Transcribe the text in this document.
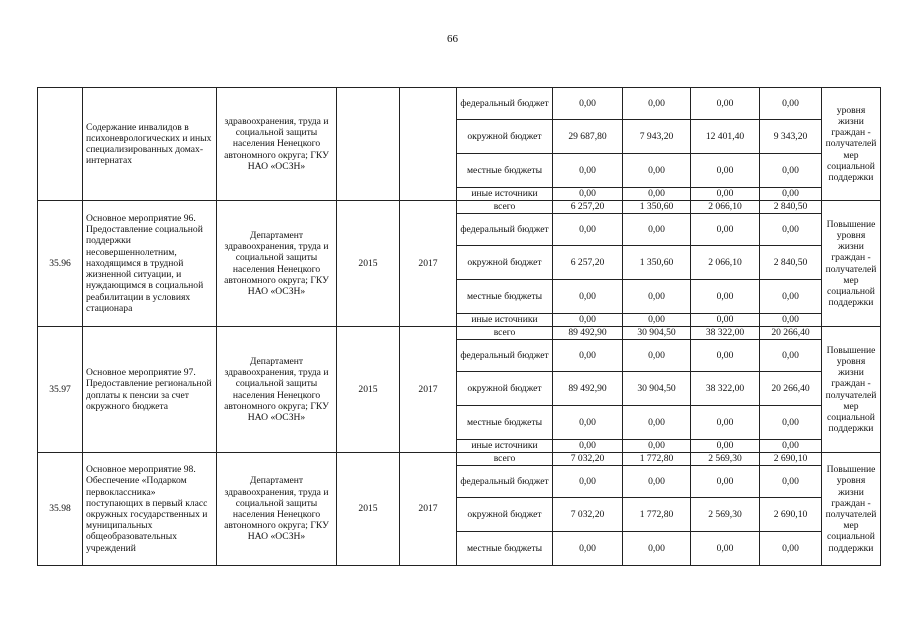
66
	Содержание инвалидов в психоневрологических и иных специализированных домах-интернатах	здравоохранения, труда и социальной защиты населения Ненецкого автономного округа; ГКУ НАО «ОСЗН»			федеральный бюджет	0,00	0,00	0,00	0,00	уровня жизни граждан - получателей мер социальной поддержки
					окружной бюджет	29 687,80	7 943,20	12 401,40	9 343,20	
					местные бюджеты	0,00	0,00	0,00	0,00	
					иные источники	0,00	0,00	0,00	0,00	
35.96	Основное мероприятие 96. Предоставление социальной поддержки несовершеннолетним, находящимся в трудной жизненной ситуации, и нуждающимся в социальной реабилитации в условиях стационара	Департамент здравоохранения, труда и социальной защиты населения Ненецкого автономного округа; ГКУ НАО «ОСЗН»	2015	2017	всего	6 257,20	1 350,60	2 066,10	2 840,50	Повышение уровня жизни граждан - получателей мер социальной поддержки
					федеральный бюджет	0,00	0,00	0,00	0,00	
					окружной бюджет	6 257,20	1 350,60	2 066,10	2 840,50	
					местные бюджеты	0,00	0,00	0,00	0,00	
					иные источники	0,00	0,00	0,00	0,00	
35.97	Основное мероприятие 97. Предоставление региональной доплаты к пенсии за счет окружного бюджета	Департамент здравоохранения, труда и социальной защиты населения Ненецкого автономного округа; ГКУ НАО «ОСЗН»	2015	2017	всего	89 492,90	30 904,50	38 322,00	20 266,40	Повышение уровня жизни граждан - получателей мер социальной поддержки
					федеральный бюджет	0,00	0,00	0,00	0,00	
					окружной бюджет	89 492,90	30 904,50	38 322,00	20 266,40	
					местные бюджеты	0,00	0,00	0,00	0,00	
					иные источники	0,00	0,00	0,00	0,00	
35.98	Основное мероприятие 98. Обеспечение «Подарком первоклассника» поступающих в первый класс окружных государственных и муниципальных общеобразовательных учреждений	Департамент здравоохранения, труда и социальной защиты населения Ненецкого автономного округа; ГКУ НАО «ОСЗН»	2015	2017	всего	7 032,20	1 772,80	2 569,30	2 690,10	Повышение уровня жизни граждан - получателей мер социальной поддержки
					федеральный бюджет	0,00	0,00	0,00	0,00	
					окружной бюджет	7 032,20	1 772,80	2 569,30	2 690,10	
					местные бюджеты	0,00	0,00	0,00	0,00	
